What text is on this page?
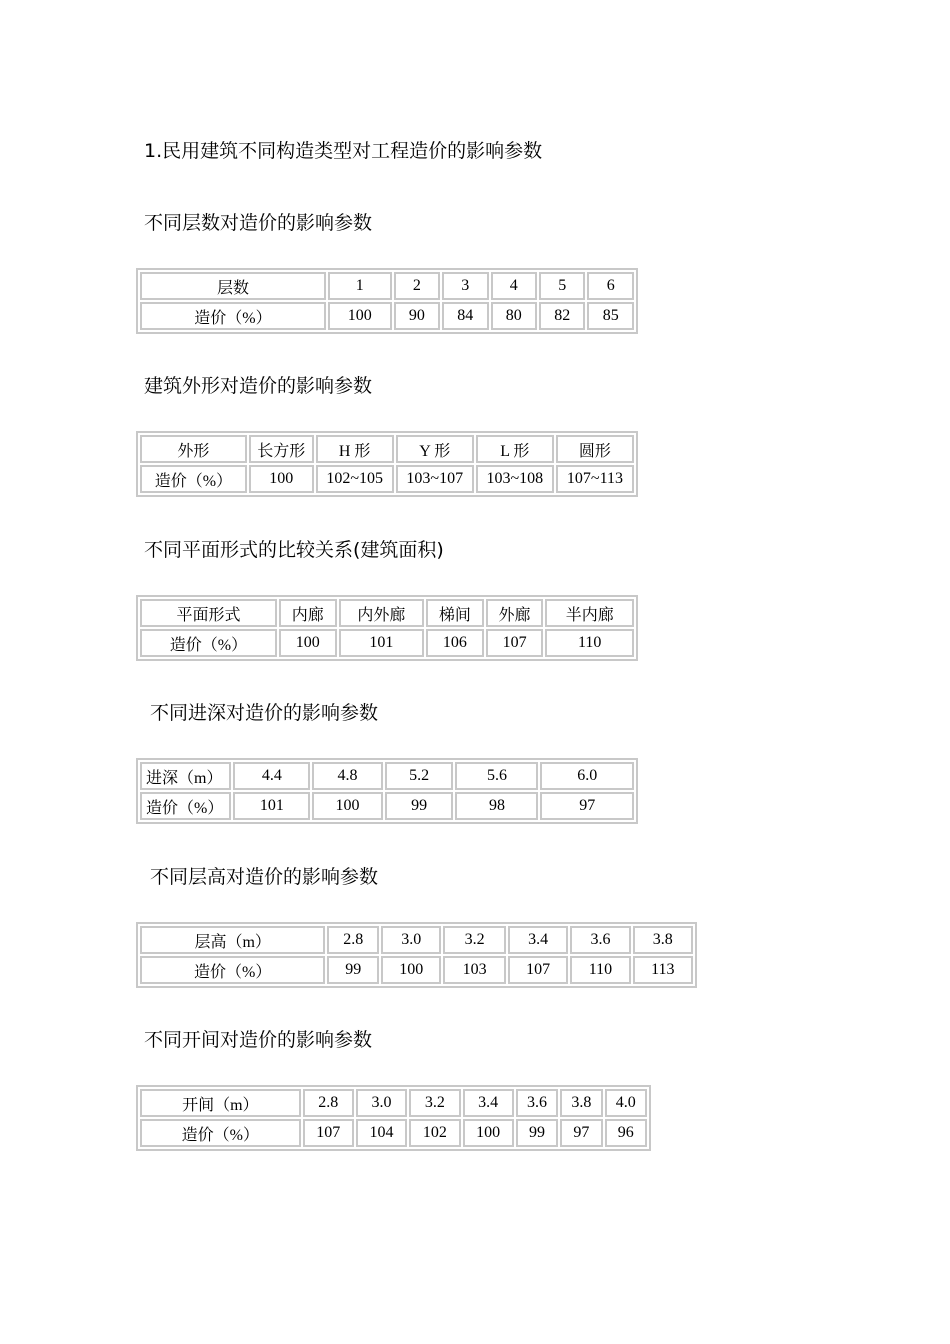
1.民用建筑不同构造类型对工程造价的影响参数
不同层数对造价的影响参数
层数	1	2	3	4	5	6
造价（%）	100	90	84	80	82	85
建筑外形对造价的影响参数
外形	长方形	H 形	Y 形	L 形	圆形
造价（%）	100	102~105	103~107	103~108	107~113
不同平面形式的比较关系(建筑面积)
平面形式	内廊	内外廊	梯间	外廊	半内廊
造价（%）	100	101	106	107	110
不同进深对造价的影响参数
进深（m）	4.4	4.8	5.2	5.6	6.0
造价（%）	101	100	99	98	97
不同层高对造价的影响参数
层高（m）	2.8	3.0	3.2	3.4	3.6	3.8
造价（%）	99	100	103	107	110	113
不同开间对造价的影响参数
开间（m）	2.8	3.0	3.2	3.4	3.6	3.8	4.0
造价（%）	107	104	102	100	99	97	96
